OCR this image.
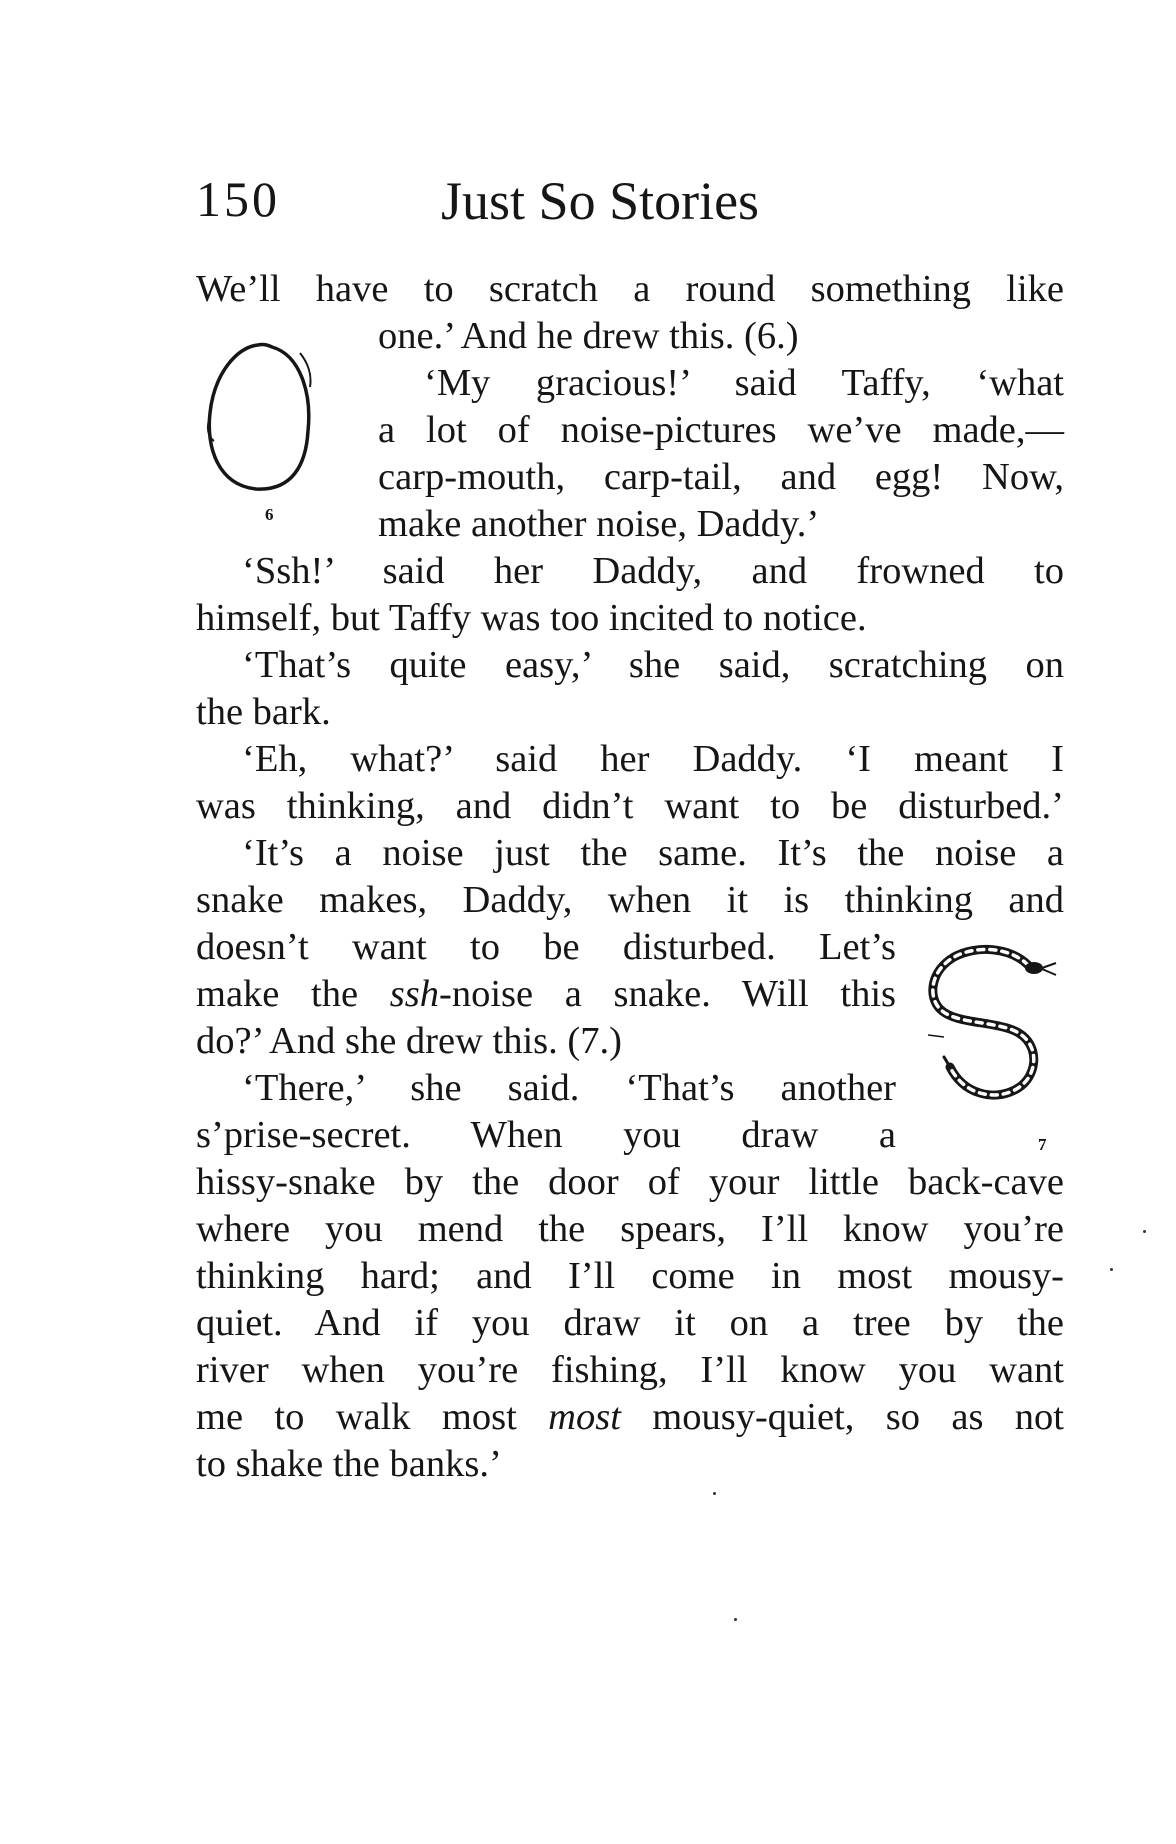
150	Just So Stories
We’ll have to scratch a round something like
one.’ And he drew this. (6.)
‘My gracious!’ said Taffy, ‘what
a lot of noise-pictures we’ve made,—
carp-mouth, carp-tail, and egg! Now,
make another noise, Daddy.’
‘Ssh!’ said her Daddy, and frowned to
himself, but Taffy was too incited to notice.
‘That’s quite easy,’ she said, scratching on
the bark.
‘Eh, what?’ said her Daddy. ‘I meant I
was thinking, and didn’t want to be disturbed.’
‘It’s a noise just the same. It’s the noise a
snake makes, Daddy, when it is thinking and
doesn’t want to be disturbed. Let’s
make the ssh-noise a snake. Will this
do?’ And she drew this. (7.)
‘There,’ she said. ‘That’s another
s’prise-secret. When you draw a
hissy-snake by the door of your little back-cave
where you mend the spears, I’ll know you’re
thinking hard; and I’ll come in most mousy-
quiet. And if you draw it on a tree by the
river when you’re fishing, I’ll know you want
me to walk most most mousy-quiet, so as not
to shake the banks.’
6
7
